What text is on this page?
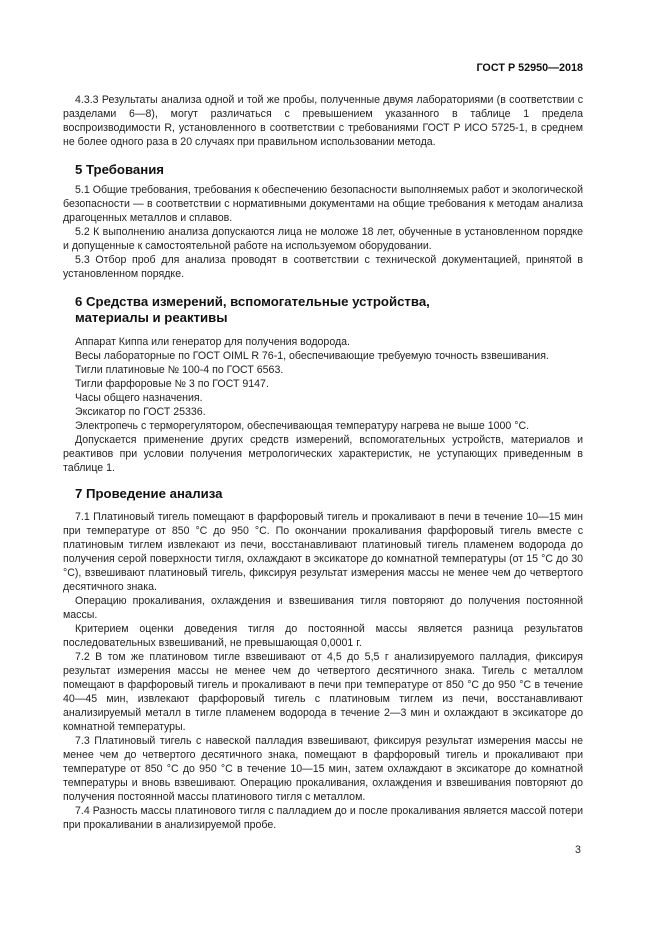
ГОСТ Р 52950—2018

4.3.3 Результаты анализа одной и той же пробы, полученные двумя лабораториями (в соответствии с разделами 6—8), могут различаться с превышением указанного в таблице 1 предела воспроизводимости R, установленного в соответствии с требованиями ГОСТ Р ИСО 5725-1, в среднем не более одного раза в 20 случаях при правильном использовании метода.

5 Требования

5.1 Общие требования, требования к обеспечению безопасности выполняемых работ и экологической безопасности — в соответствии с нормативными документами на общие требования к методам анализа драгоценных металлов и сплавов.

5.2 К выполнению анализа допускаются лица не моложе 18 лет, обученные в установленном порядке и допущенные к самостоятельной работе на используемом оборудовании.

5.3 Отбор проб для анализа проводят в соответствии с технической документацией, принятой в установленном порядке.

6 Средства измерений, вспомогательные устройства,
материалы и реактивы

Аппарат Киппа или генератор для получения водорода.

Весы лабораторные по ГОСТ OIML R 76-1, обеспечивающие требуемую точность взвешивания.

Тигли платиновые № 100-4 по ГОСТ 6563.

Тигли фарфоровые № 3 по ГОСТ 9147.

Часы общего назначения.

Эксикатор по ГОСТ 25336.

Электропечь с терморегулятором, обеспечивающая температуру нагрева не выше 1000 °С.

Допускается применение других средств измерений, вспомогательных устройств, материалов и реактивов при условии получения метрологических характеристик, не уступающих приведенным в таблице 1.

7 Проведение анализа

7.1 Платиновый тигель помещают в фарфоровый тигель и прокаливают в печи в течение 10—15 мин при температуре от 850 °С до 950 °С. По окончании прокаливания фарфоровый тигель вместе с платиновым тиглем извлекают из печи, восстанавливают платиновый тигель пламенем водорода до получения серой поверхности тигля, охлаждают в эксикаторе до комнатной температуры (от 15 °С до 30 °С), взвешивают платиновый тигель, фиксируя результат измерения массы не менее чем до четвертого десятичного знака.

Операцию прокаливания, охлаждения и взвешивания тигля повторяют до получения постоянной массы.

Критерием оценки доведения тигля до постоянной массы является разница результатов последовательных взвешиваний, не превышающая 0,0001 г.

7.2 В том же платиновом тигле взвешивают от 4,5 до 5,5 г анализируемого палладия, фиксируя результат измерения массы не менее чем до четвертого десятичного знака. Тигель с металлом помещают в фарфоровый тигель и прокаливают в печи при температуре от 850 °С до 950 °С в течение 40—45 мин, извлекают фарфоровый тигель с платиновым тиглем из печи, восстанавливают анализируемый металл в тигле пламенем водорода в течение 2—3 мин и охлаждают в эксикаторе до комнатной температуры.

7.3 Платиновый тигель с навеской палладия взвешивают, фиксируя результат измерения массы не менее чем до четвертого десятичного знака, помещают в фарфоровый тигель и прокаливают при температуре от 850 °С до 950 °С в течение 10—15 мин, затем охлаждают в эксикаторе до комнатной температуры и вновь взвешивают. Операцию прокаливания, охлаждения и взвешивания повторяют до получения постоянной массы платинового тигля с металлом.

7.4 Разность массы платинового тигля с палладием до и после прокаливания является массой потери при прокаливании в анализируемой пробе.

3
